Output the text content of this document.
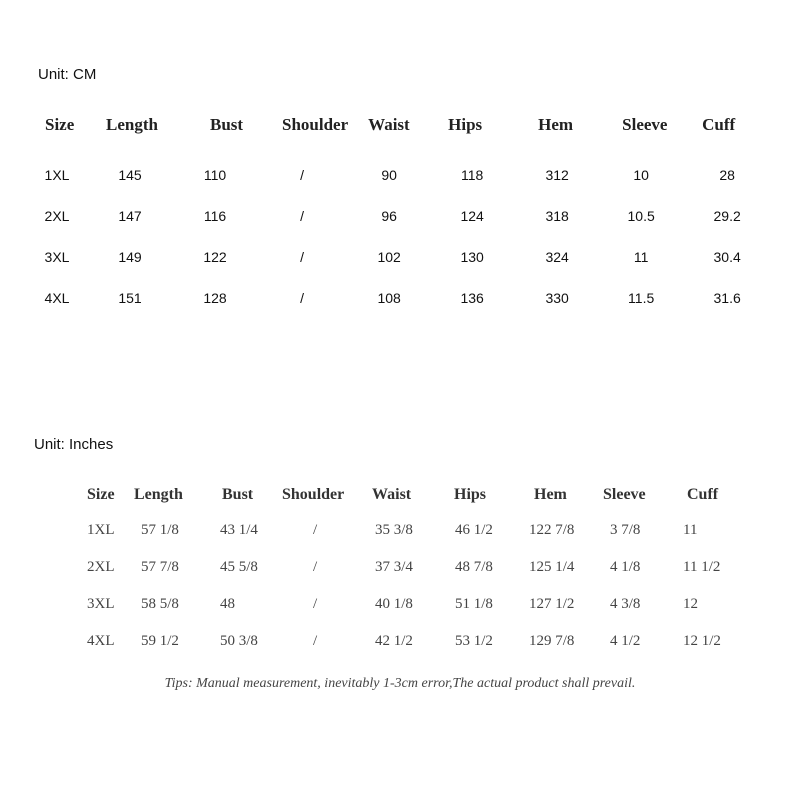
Unit: CM
Size	Length	Bust	Shoulder	Waist	Hips	Hem	Sleeve	Cuff
1XL	145	110	/	90	118	312	10	28
2XL	147	116	/	96	124	318	10.5	29.2
3XL	149	122	/	102	130	324	11	30.4
4XL	151	128	/	108	136	330	11.5	31.6
Unit: Inches
Size	Length	Bust	Shoulder	Waist	Hips	Hem	Sleeve	Cuff
1XL	57 1/8	43 1/4	/	35 3/8	46 1/2	122 7/8	3 7/8	11
2XL	57 7/8	45 5/8	/	37 3/4	48 7/8	125 1/4	4 1/8	11 1/2
3XL	58 5/8	48	/	40 1/8	51 1/8	127 1/2	4 3/8	12
4XL	59 1/2	50 3/8	/	42 1/2	53 1/2	129 7/8	4 1/2	12 1/2
Tips: Manual measurement, inevitably 1-3cm error,The actual product shall prevail.
